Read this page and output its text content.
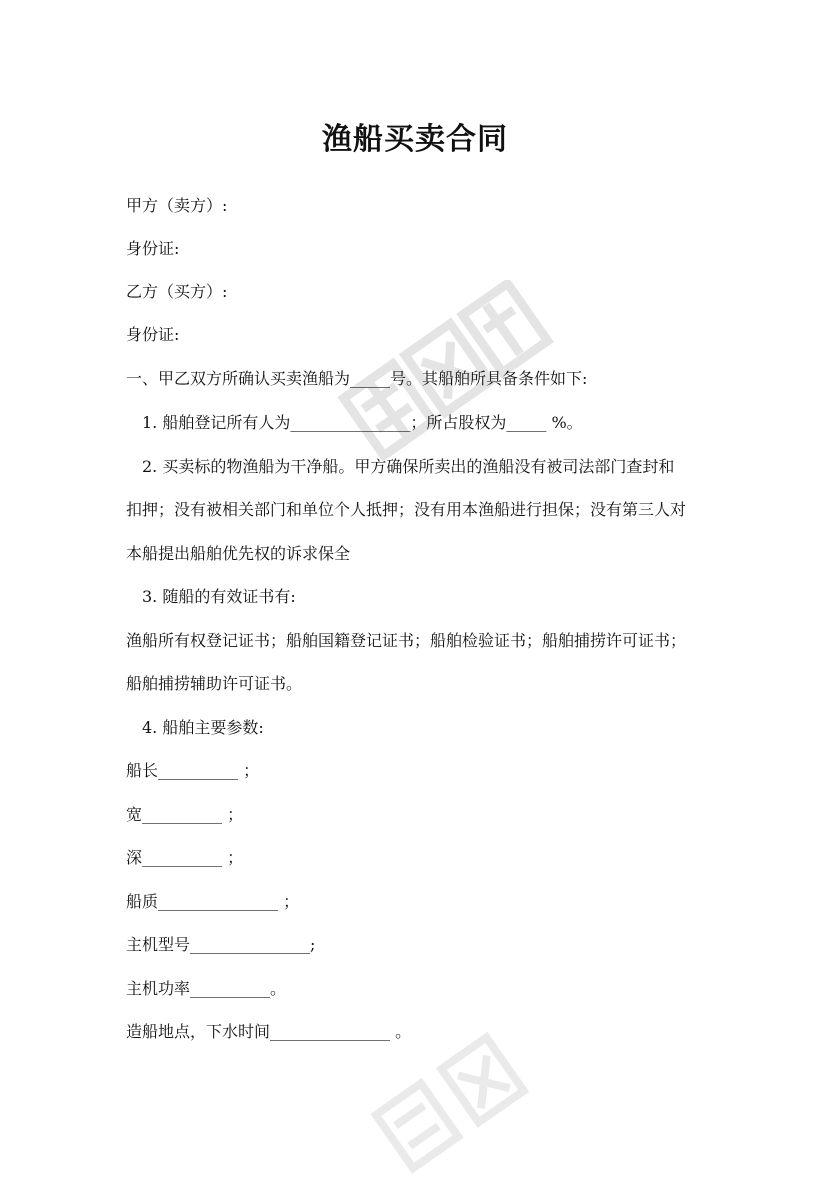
渔船买卖合同
甲方（卖方）:
身份证:
乙方（买方）:
身份证:
一、甲乙双方所确认买卖渔船为_____号。其船舶所具备条件如下:
1. 船舶登记所有人为_______________；所占股权为_____ %。
2. 买卖标的物渔船为干净船。甲方确保所卖出的渔船没有被司法部门查封和
扣押；没有被相关部门和单位个人抵押；没有用本渔船进行担保；没有第三人对
本船提出船舶优先权的诉求保全
3. 随船的有效证书有:
渔船所有权登记证书；船舶国籍登记证书；船舶检验证书；船舶捕捞许可证书；
船舶捕捞辅助许可证书。
4. 船舶主要参数:
船长__________ ；
宽__________ ；
深__________ ；
船质_______________ ；
主机型号_______________;
主机功率__________。
造船地点，下水时间_______________ 。
